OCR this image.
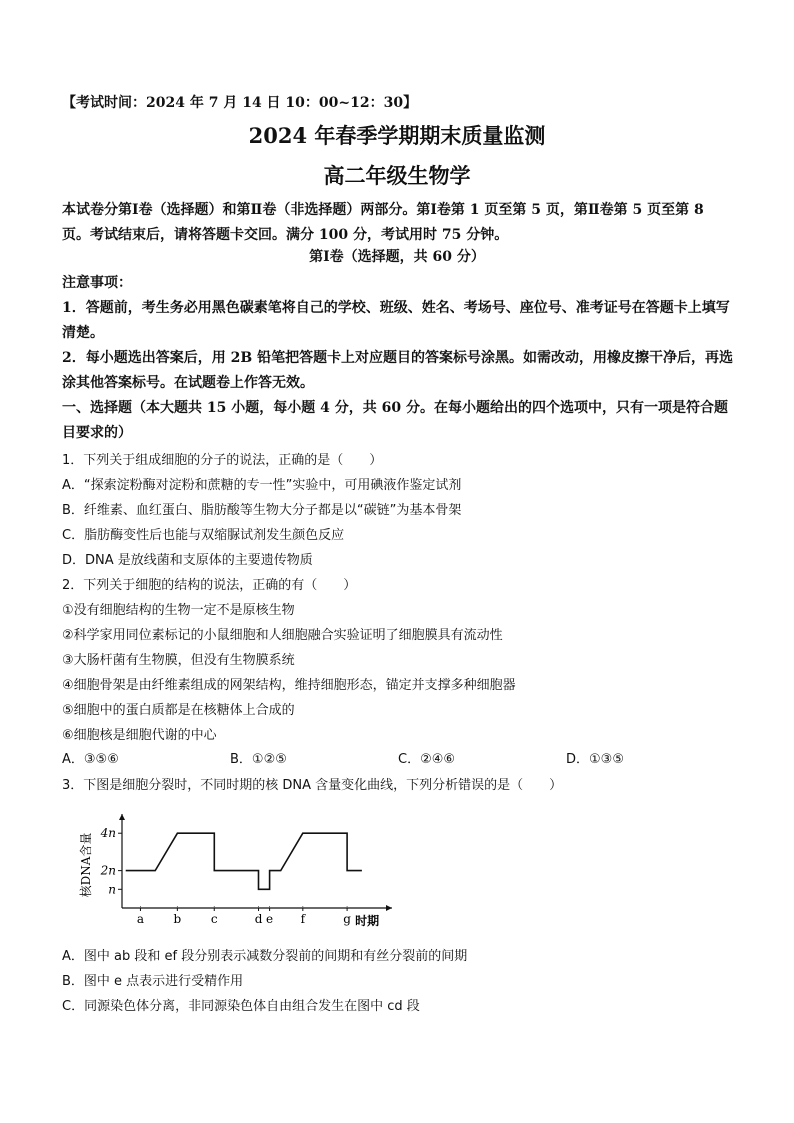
【考试时间：2024 年 7 月 14 日 10：00~12：30】
2024 年春季学期期末质量监测
高二年级生物学
本试卷分第Ⅰ卷（选择题）和第Ⅱ卷（非选择题）两部分。第Ⅰ卷第 1 页至第 5 页，第Ⅱ卷第 5 页至第 8 页。考试结束后，请将答题卡交回。满分 100 分，考试用时 75 分钟。
第Ⅰ卷（选择题，共 60 分）
注意事项：
1．答题前，考生务必用黑色碳素笔将自己的学校、班级、姓名、考场号、座位号、准考证号在答题卡上填写清楚。
2．每小题选出答案后，用 2B 铅笔把答题卡上对应题目的答案标号涂黑。如需改动，用橡皮擦干净后，再选涂其他答案标号。在试题卷上作答无效。
一、选择题（本大题共 15 小题，每小题 4 分，共 60 分。在每小题给出的四个选项中，只有一项是符合题目要求的）
1．下列关于组成细胞的分子的说法，正确的是（　　）
A．“探索淀粉酶对淀粉和蔗糖的专一性”实验中，可用碘液作鉴定试剂
B．纤维素、血红蛋白、脂肪酸等生物大分子都是以“碳链”为基本骨架
C．脂肪酶变性后也能与双缩脲试剂发生颜色反应
D．DNA 是放线菌和支原体的主要遗传物质
2．下列关于细胞的结构的说法，正确的有（　　）
①没有细胞结构的生物一定不是原核生物
②科学家用同位素标记的小鼠细胞和人细胞融合实验证明了细胞膜具有流动性
③大肠杆菌有生物膜，但没有生物膜系统
④细胞骨架是由纤维素组成的网架结构，维持细胞形态，锚定并支撑多种细胞器
⑤细胞中的蛋白质都是在核糖体上合成的
⑥细胞核是细胞代谢的中心
A．③⑤⑥	B．①②⑤	C．②④⑥	D．①③⑤
3．下图是细胞分裂时，不同时期的核 DNA 含量变化曲线，下列分析错误的是（　　）
核DNA含量
时期
4n
2n
n
a b c	d e f	g
A．图中 ab 段和 ef 段分别表示减数分裂前的间期和有丝分裂前的间期
B．图中 e 点表示进行受精作用
C．同源染色体分离，非同源染色体自由组合发生在图中 cd 段
